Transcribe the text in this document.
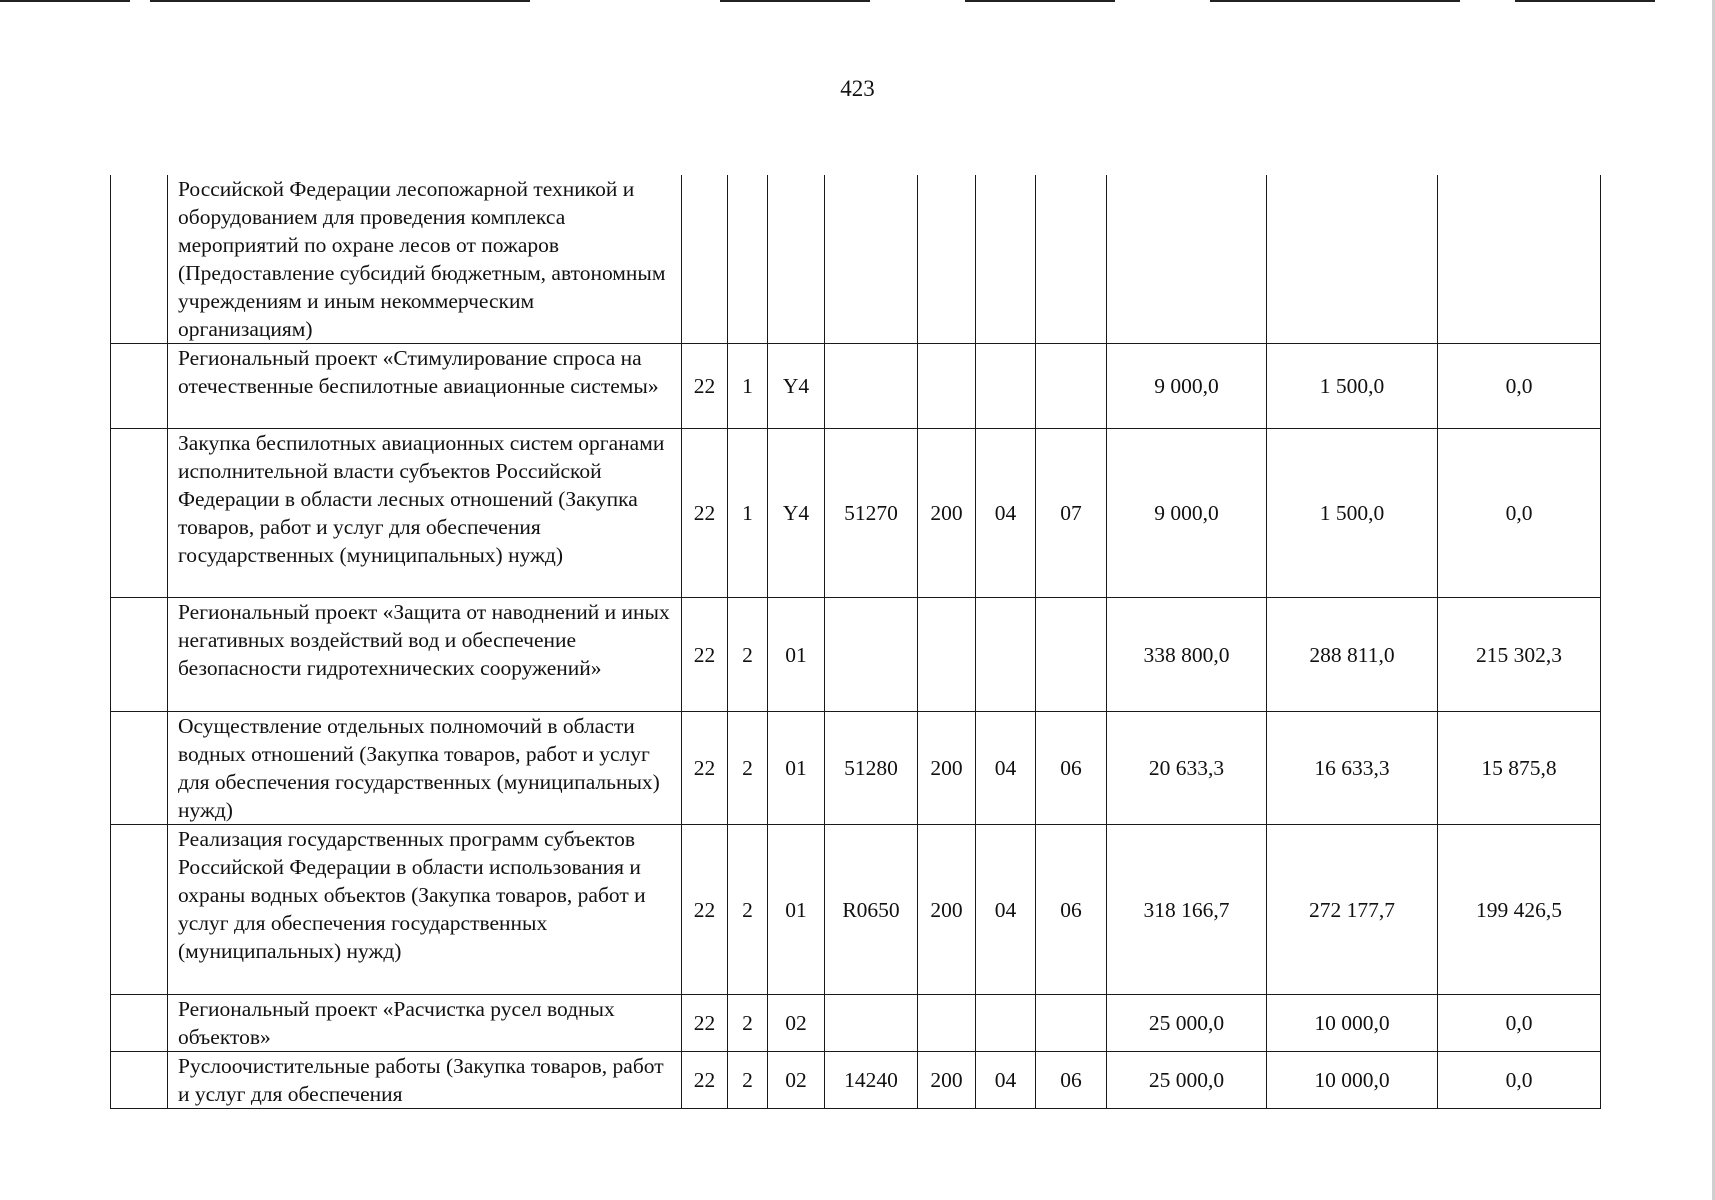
423
	Российской Федерации лесопожарной техникой и оборудованием для проведения комплекса мероприятий по охране лесов от пожаров (Предоставление субсидий бюджетным, автономным учреждениям и иным некоммерческим организациям)										
	Региональный проект «Стимулирование спроса на отечественные беспилотные авиационные системы»	22	1	Y4					9 000,0	1 500,0	0,0
	Закупка беспилотных авиационных систем органами исполнительной власти субъектов Российской Федерации в области лесных отношений (Закупка товаров, работ и услуг для обеспечения государственных (муниципальных) нужд)	22	1	Y4	51270	200	04	07	9 000,0	1 500,0	0,0
	Региональный проект «Защита от наводнений и иных негативных воздействий вод и обеспечение безопасности гидротехнических сооружений»	22	2	01					338 800,0	288 811,0	215 302,3
	Осуществление отдельных полномочий в области водных отношений (Закупка товаров, работ и услуг для обеспечения государственных (муниципальных) нужд)	22	2	01	51280	200	04	06	20 633,3	16 633,3	15 875,8
	Реализация государственных программ субъектов Российской Федерации в области использования и охраны водных объектов (Закупка товаров, работ и услуг для обеспечения государственных (муниципальных) нужд)	22	2	01	R0650	200	04	06	318 166,7	272 177,7	199 426,5
	Региональный проект «Расчистка русел водных объектов»	22	2	02					25 000,0	10 000,0	0,0
	Руслоочистительные работы (Закупка товаров, работ и услуг для обеспечения	22	2	02	14240	200	04	06	25 000,0	10 000,0	0,0
